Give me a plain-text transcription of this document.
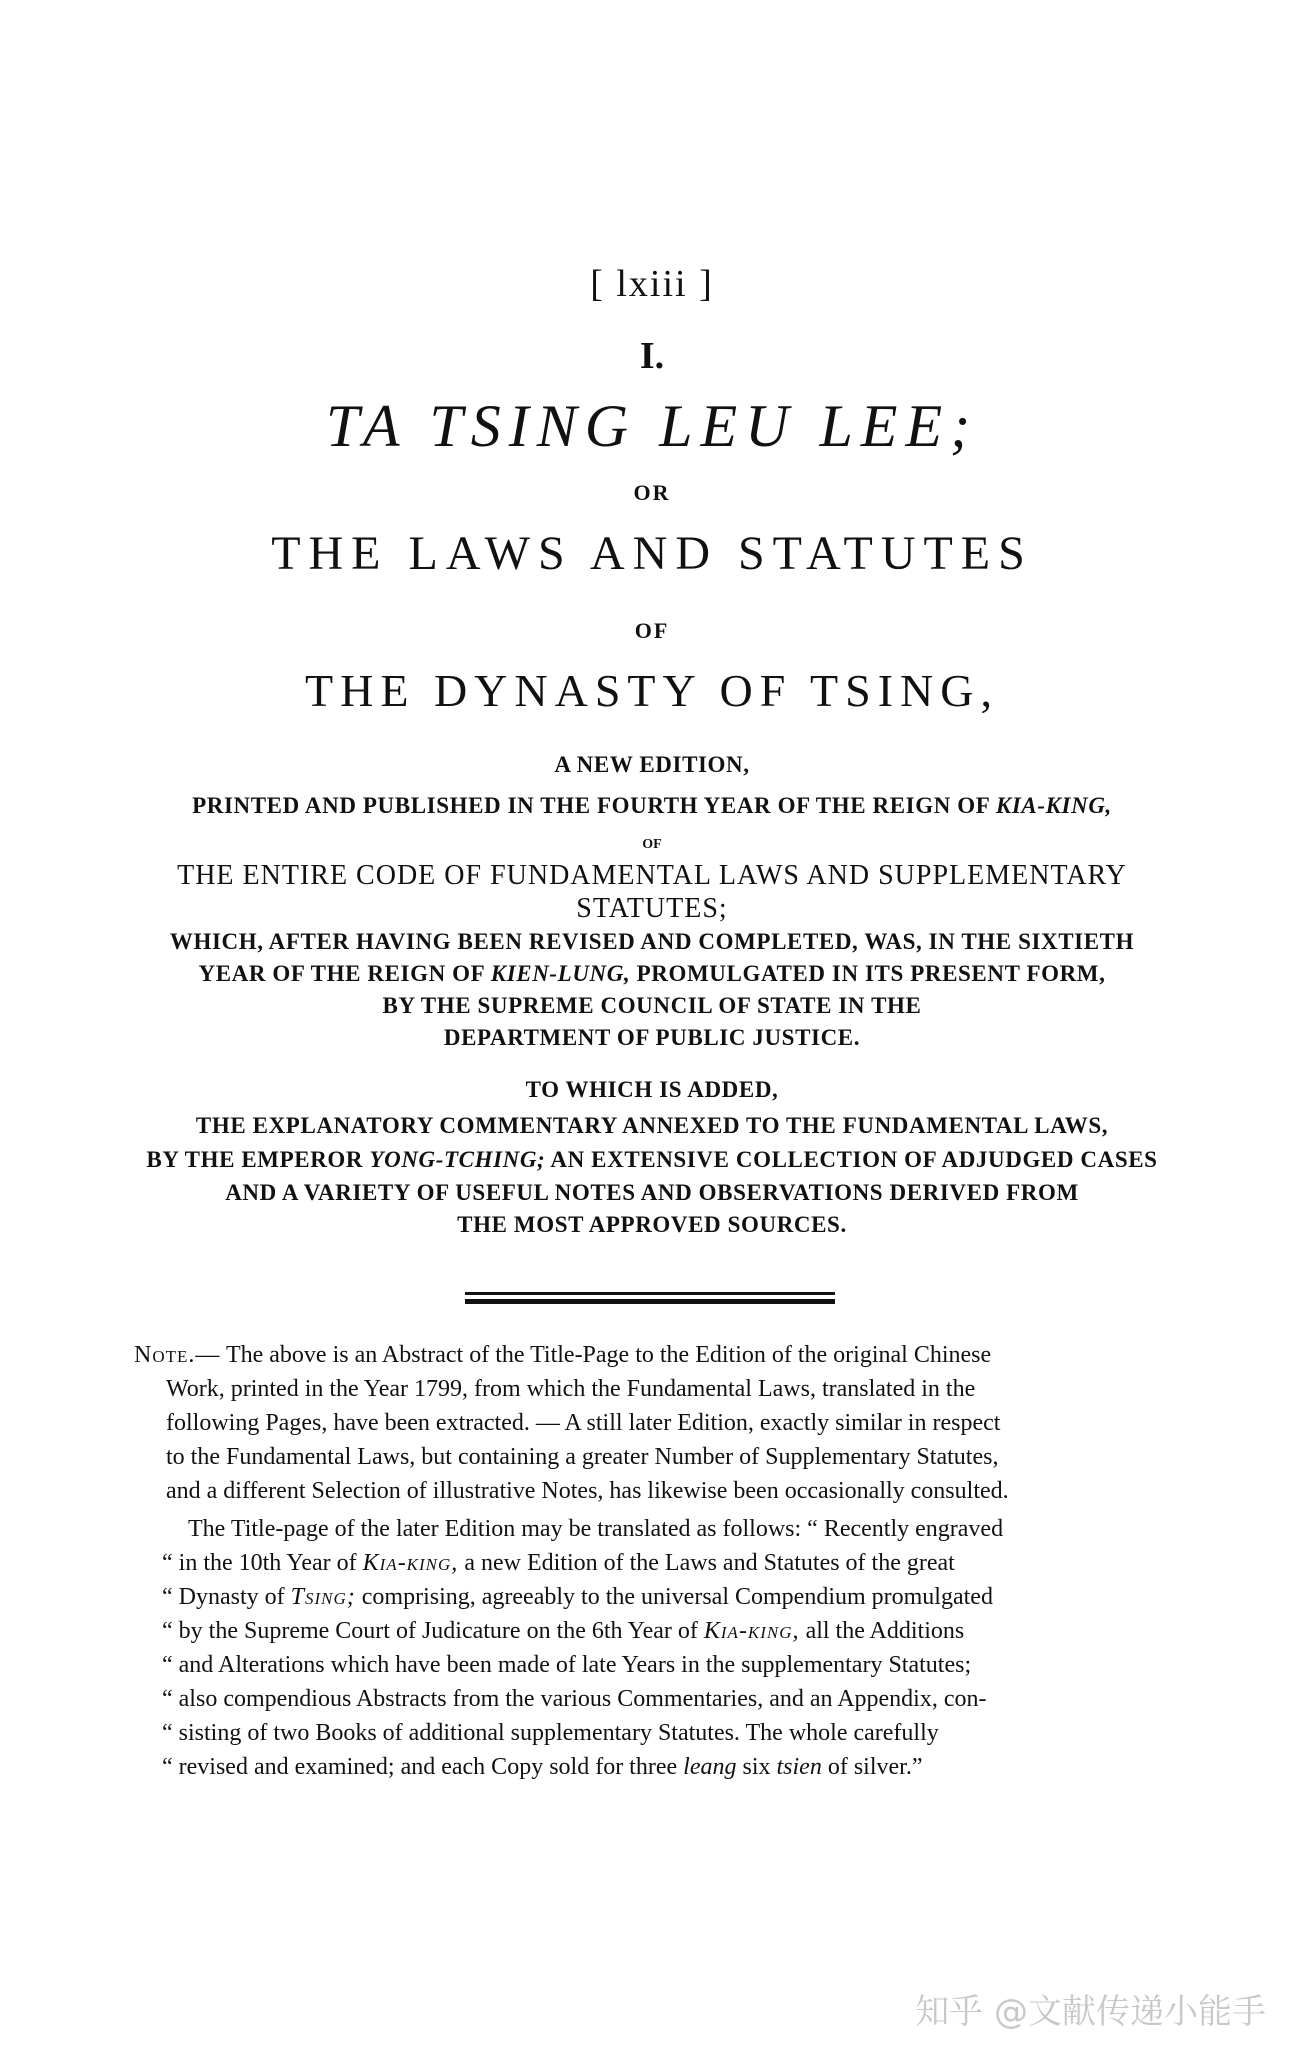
[ lxiii ]
I.
TA TSING LEU LEE;
OR
THE LAWS AND STATUTES
OF
THE DYNASTY OF TSING,
A NEW EDITION,
PRINTED AND PUBLISHED IN THE FOURTH YEAR OF THE REIGN OF KIA-KING,
OF
THE ENTIRE CODE OF FUNDAMENTAL LAWS AND SUPPLEMENTARY
STATUTES;
WHICH, AFTER HAVING BEEN REVISED AND COMPLETED, WAS, IN THE SIXTIETH
YEAR OF THE REIGN OF KIEN-LUNG, PROMULGATED IN ITS PRESENT FORM,
BY THE SUPREME COUNCIL OF STATE IN THE
DEPARTMENT OF PUBLIC JUSTICE.
TO WHICH IS ADDED,
THE EXPLANATORY COMMENTARY ANNEXED TO THE FUNDAMENTAL LAWS,
BY THE EMPEROR YONG-TCHING; AN EXTENSIVE COLLECTION OF ADJUDGED CASES
AND A VARIETY OF USEFUL NOTES AND OBSERVATIONS DERIVED FROM
THE MOST APPROVED SOURCES.
Note.— The above is an Abstract of the Title-Page to the Edition of the original Chinese
Work, printed in the Year 1799, from which the Fundamental Laws, translated in the
following Pages, have been extracted. — A still later Edition, exactly similar in respect
to the Fundamental Laws, but containing a greater Number of Supplementary Statutes,
and a different Selection of illustrative Notes, has likewise been occasionally consulted.
The Title-page of the later Edition may be translated as follows: “ Recently engraved
“ in the 10th Year of Kia-king, a new Edition of the Laws and Statutes of the great
“ Dynasty of Tsing; comprising, agreeably to the universal Compendium promulgated
“ by the Supreme Court of Judicature on the 6th Year of Kia-king, all the Additions
“ and Alterations which have been made of late Years in the supplementary Statutes;
“ also compendious Abstracts from the various Commentaries, and an Appendix, con-
“ sisting of two Books of additional supplementary Statutes. The whole carefully
“ revised and examined; and each Copy sold for three leang six tsien of silver.”
知乎 @文献传递小能手
